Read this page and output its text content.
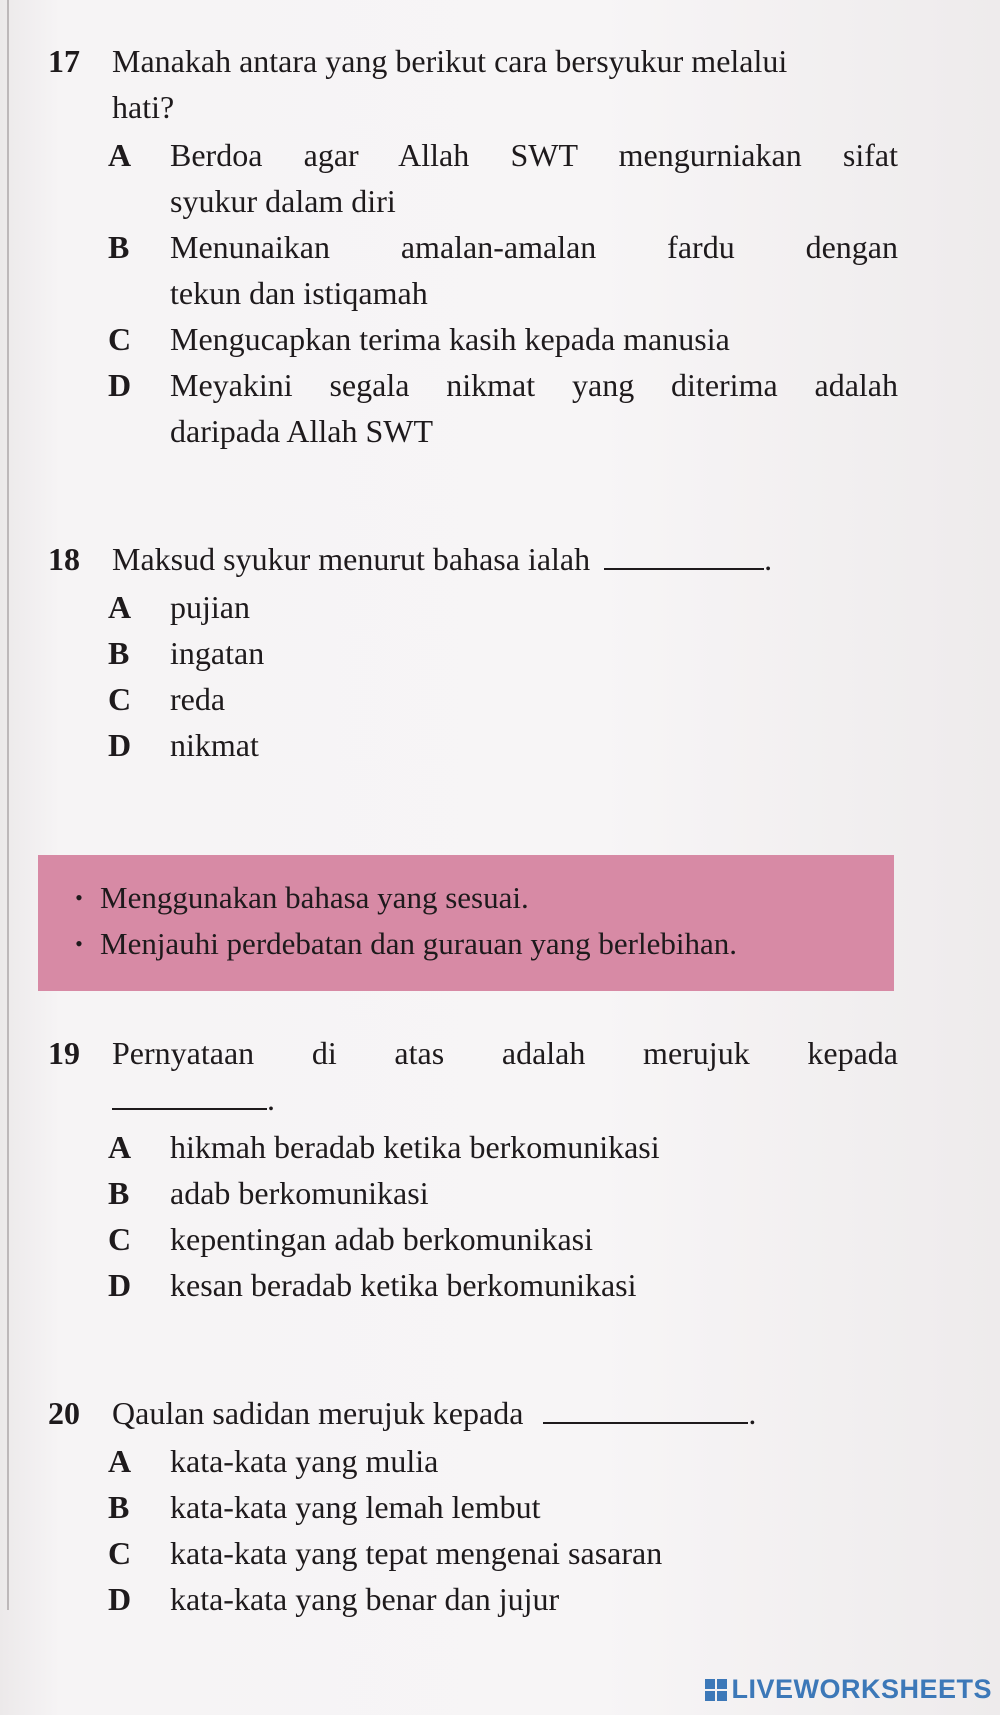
17	Manakah antara yang berikut cara bersyukur melalui
hati?
A	Berdoa agar Allah SWT mengurniakan sifat
syukur dalam diri
B	Menunaikan amalan-amalan fardu dengan
tekun dan istiqamah
C	Mengucapkan terima kasih kepada manusia
D	Meyakini segala nikmat yang diterima adalah
daripada Allah SWT
18	Maksud syukur menurut bahasa ialah	.
A	pujian
B	ingatan
C	reda
D	nikmat
• Menggunakan bahasa yang sesuai.
• Menjauhi perdebatan dan gurauan yang berlebihan.
19	Pernyataan di atas adalah merujuk kepada
.
A	hikmah beradab ketika berkomunikasi
B	adab berkomunikasi
C	kepentingan adab berkomunikasi
D	kesan beradab ketika berkomunikasi
20	Qaulan sadidan merujuk kepada	.
A	kata-kata yang mulia
B	kata-kata yang lemah lembut
C	kata-kata yang tepat mengenai sasaran
D	kata-kata yang benar dan jujur
LIVEWORKSHEETS
